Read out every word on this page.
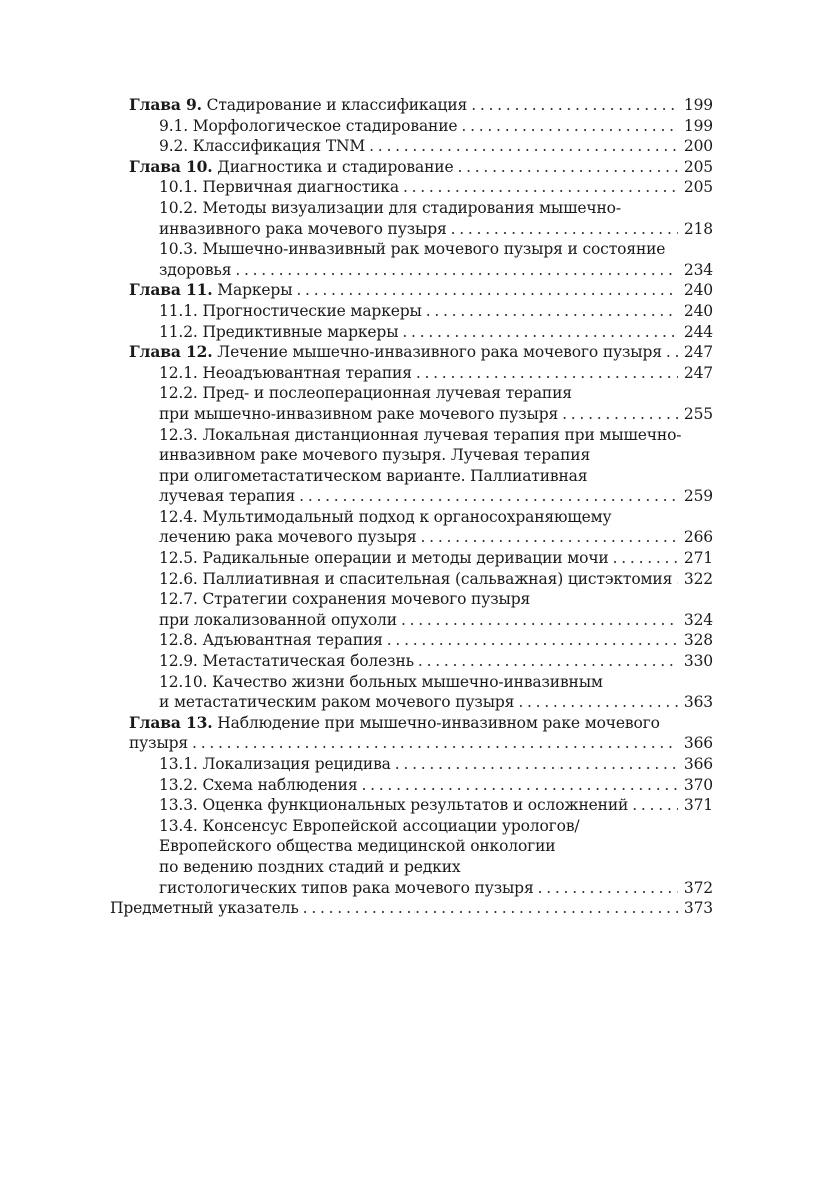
Глава 9. Стадирование и классификация . . .	199
9.1. Морфологическое стадирование . . .	199
9.2. Классификация TNM . . .	200
Глава 10. Диагностика и стадирование . . .	205
10.1. Первичная диагностика . . .	205
10.2. Методы визуализации для стадирования мышечно-
инвазивного рака мочевого пузыря . . .	218
10.3. Мышечно-инвазивный рак мочевого пузыря и состояние
здоровья . . .	234
Глава 11. Маркеры . . .	240
11.1. Прогностические маркеры . . .	240
11.2. Предиктивные маркеры . . .	244
Глава 12. Лечение мышечно-инвазивного рака мочевого пузыря . . . 247
12.1. Неоадъювантная терапия . . .	247
12.2. Пред- и послеоперационная лучевая терапия
при мышечно-инвазивном раке мочевого пузыря . . .	255
12.3. Локальная дистанционная лучевая терапия при мышечно-
инвазивном раке мочевого пузыря. Лучевая терапия
при олигометастатическом варианте. Паллиативная
лучевая терапия . . .	259
12.4. Мультимодальный подход к органосохраняющему
лечению рака мочевого пузыря . . .	266
12.5. Радикальные операции и методы деривации мочи . . .	271
12.6. Паллиативная и спасительная (сальважная) цистэктомия . . . 322
12.7. Стратегии сохранения мочевого пузыря
при локализованной опухоли . . .	324
12.8. Адъювантная терапия . . .	328
12.9. Метастатическая болезнь . . .	330
12.10. Качество жизни больных мышечно-инвазивным
и метастатическим раком мочевого пузыря . . .	363
Глава 13. Наблюдение при мышечно-инвазивном раке мочевого
пузыря . . .	366
13.1. Локализация рецидива . . .	366
13.2. Схема наблюдения . . .	370
13.3. Оценка функциональных результатов и осложнений . . .	371
13.4. Консенсус Европейской ассоциации урологов/
Европейского общества медицинской онкологии
по ведению поздних стадий и редких
гистологических типов рака мочевого пузыря . . .	372
Предметный указатель . . .	373
